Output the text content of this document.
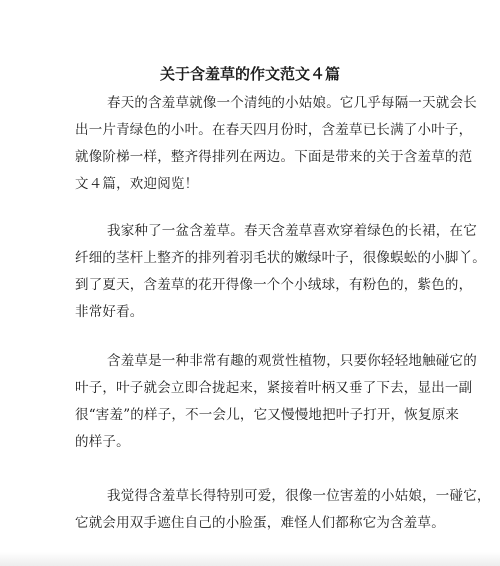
关于含羞草的作文范文４篇
春天的含羞草就像一个清纯的小姑娘。它几乎每隔一天就会长
出一片青绿色的小叶。在春天四月份时，含羞草已长满了小叶子，
就像阶梯一样，整齐得排列在两边。下面是带来的关于含羞草的范
文４篇，欢迎阅览！
我家种了一盆含羞草。春天含羞草喜欢穿着绿色的长裙，在它
纤细的茎杆上整齐的排列着羽毛状的嫩绿叶子，很像蜈蚣的小脚丫。
到了夏天，含羞草的花开得像一个个小绒球，有粉色的，紫色的，
非常好看。
含羞草是一种非常有趣的观赏性植物，只要你轻轻地触碰它的
叶子，叶子就会立即合拢起来，紧接着叶柄又垂了下去，显出一副
很“害羞”的样子，不一会儿，它又慢慢地把叶子打开，恢复原来
的样子。
我觉得含羞草长得特别可爱，很像一位害羞的小姑娘，一碰它，
它就会用双手遮住自己的小脸蛋，难怪人们都称它为含羞草。
